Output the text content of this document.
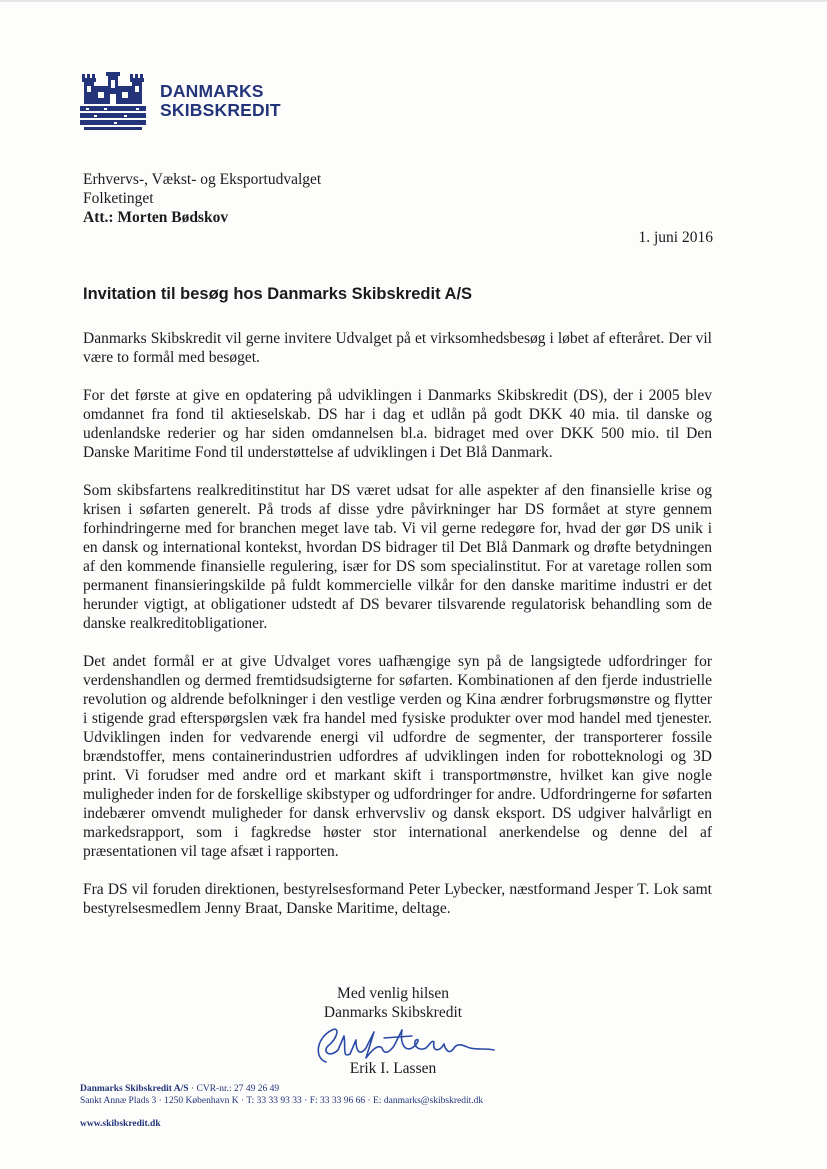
DANMARKS
SKIBSKREDIT
Erhvervs-, Vækst- og Eksportudvalget
Folketinget
Att.: Morten Bødskov
1. juni 2016
Invitation til besøg hos Danmarks Skibskredit A/S

Danmarks Skibskredit vil gerne invitere Udvalget på et virksomhedsbesøg i løbet af efteråret. Der vil være to formål med besøget.

For det første at give en opdatering på udviklingen i Danmarks Skibskredit (DS), der i 2005 blev omdannet fra fond til aktieselskab. DS har i dag et udlån på godt DKK 40 mia. til danske og udenlandske rederier og har siden omdannelsen bl.a. bidraget med over DKK 500 mio. til Den Danske Maritime Fond til understøttelse af udviklingen i Det Blå Danmark.

Som skibsfartens realkreditinstitut har DS været udsat for alle aspekter af den finansielle krise og krisen i søfarten generelt. På trods af disse ydre påvirkninger har DS formået at styre gennem forhindringerne med for branchen meget lave tab. Vi vil gerne redegøre for, hvad der gør DS unik i en dansk og international kontekst, hvordan DS bidrager til Det Blå Danmark og drøfte betydningen af den kommende finansielle regulering, især for DS som specialinstitut. For at varetage rollen som permanent finansieringskilde på fuldt kommercielle vilkår for den danske maritime industri er det herunder vigtigt, at obligationer udstedt af DS bevarer tilsvarende regulatorisk behandling som de danske realkreditobligationer.

Det andet formål er at give Udvalget vores uafhængige syn på de langsigtede udfordringer for verdenshandlen og dermed fremtidsudsigterne for søfarten. Kombinationen af den fjerde industrielle revolution og aldrende befolkninger i den vestlige verden og Kina ændrer forbrugsmønstre og flytter i stigende grad efterspørgslen væk fra handel med fysiske produkter over mod handel med tjenester. Udviklingen inden for vedvarende energi vil udfordre de segmenter, der transporterer fossile brændstoffer, mens containerindustrien udfordres af udviklingen inden for robotteknologi og 3D print. Vi forudser med andre ord et markant skift i transportmønstre, hvilket kan give nogle muligheder inden for de forskellige skibstyper og udfordringer for andre. Udfordringerne for søfarten indebærer omvendt muligheder for dansk erhvervsliv og dansk eksport. DS udgiver halvårligt en markedsrapport, som i fagkredse høster stor international anerkendelse og denne del af præsentationen vil tage afsæt i rapporten.

Fra DS vil foruden direktionen, bestyrelsesformand Peter Lybecker, næstformand Jesper T. Lok samt bestyrelsesmedlem Jenny Braat, Danske Maritime, deltage.

Med venlig hilsen
Danmarks Skibskredit
Erik I. Lassen
Danmarks Skibskredit A/S · CVR-nr.: 27 49 26 49
Sankt Annæ Plads 3 · 1250 København K · T: 33 33 93 33 · F: 33 33 96 66 · E: danmarks@skibskredit.dk
www.skibskredit.dk
